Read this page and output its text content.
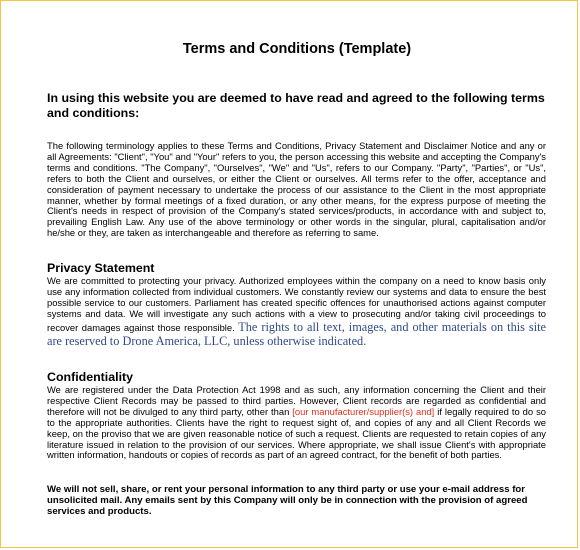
Terms and Conditions (Template)

In using this website you are deemed to have read and agreed to the following terms and conditions:

The following terminology applies to these Terms and Conditions, Privacy Statement and Disclaimer Notice and any or all Agreements: "Client", "You" and "Your" refers to you, the person accessing this website and accepting the Company's terms and conditions. "The Company", "Ourselves", "We" and "Us", refers to our Company. "Party", "Parties", or "Us", refers to both the Client and ourselves, or either the Client or ourselves. All terms refer to the offer, acceptance and consideration of payment necessary to undertake the process of our assistance to the Client in the most appropriate manner, whether by formal meetings of a fixed duration, or any other means, for the express purpose of meeting the Client's needs in respect of provision of the Company's stated services/products, in accordance with and subject to, prevailing English Law. Any use of the above terminology or other words in the singular, plural, capitalisation and/or he/she or they, are taken as interchangeable and therefore as referring to same.

Privacy Statement

We are committed to protecting your privacy. Authorized employees within the company on a need to know basis only use any information collected from individual customers. We constantly review our systems and data to ensure the best possible service to our customers. Parliament has created specific offences for unauthorised actions against computer systems and data. We will investigate any such actions with a view to prosecuting and/or taking civil proceedings to recover damages against those responsible. The rights to all text, images, and other materials on this site are reserved to Drone America, LLC, unless otherwise indicated.

Confidentiality

We are registered under the Data Protection Act 1998 and as such, any information concerning the Client and their respective Client Records may be passed to third parties. However, Client records are regarded as confidential and therefore will not be divulged to any third party, other than [our manufacturer/supplier(s) and] if legally required to do so to the appropriate authorities. Clients have the right to request sight of, and copies of any and all Client Records we keep, on the proviso that we are given reasonable notice of such a request. Clients are requested to retain copies of any literature issued in relation to the provision of our services. Where appropriate, we shall issue Client's with appropriate written information, handouts or copies of records as part of an agreed contract, for the benefit of both parties.

We will not sell, share, or rent your personal information to any third party or use your e-mail address for unsolicited mail. Any emails sent by this Company will only be in connection with the provision of agreed services and products.
